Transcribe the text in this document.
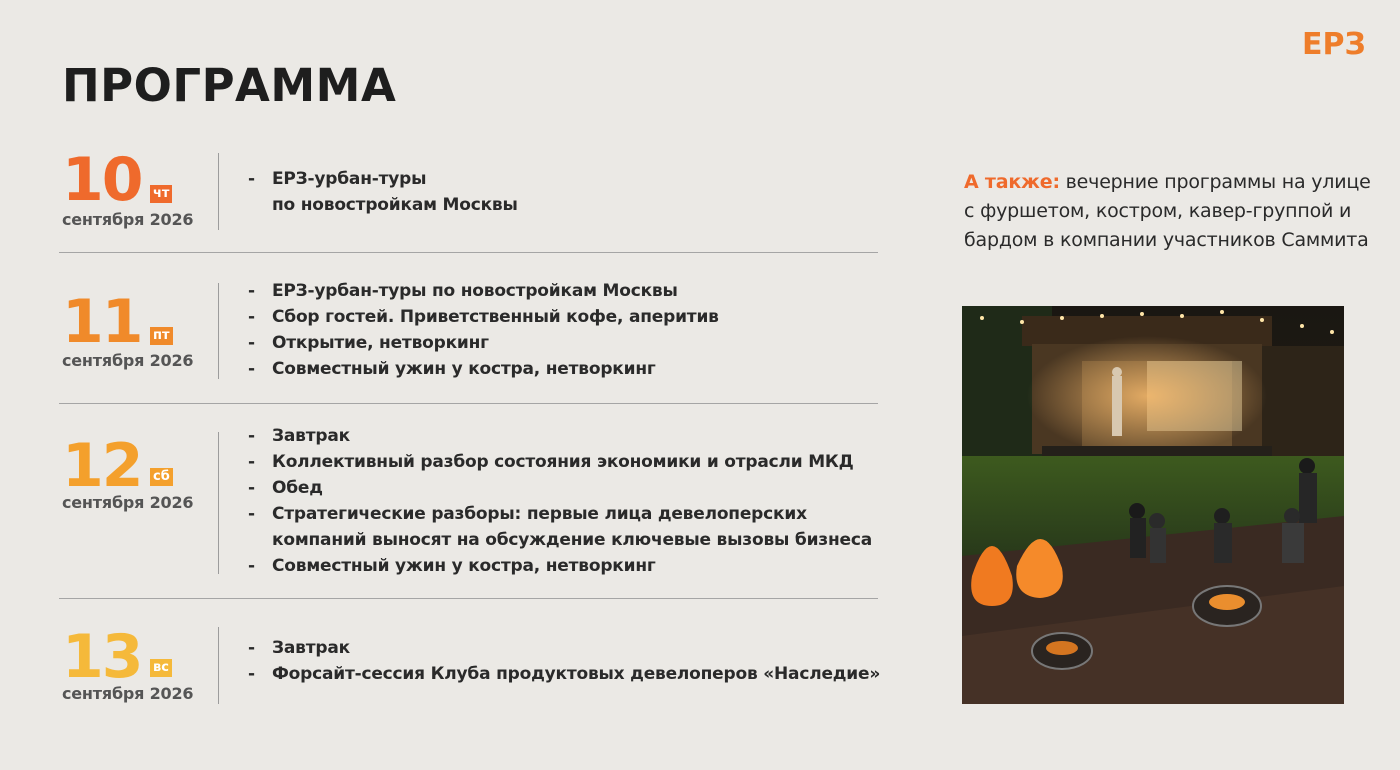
ЕРЗ
ПРОГРАММА
10 чт
сентября 2026
- ЕРЗ-урбан-туры
по новостройкам Москвы
11 пт
сентября 2026
- ЕРЗ-урбан-туры по новостройкам Москвы
- Сбор гостей. Приветственный кофе, аперитив
- Открытие, нетворкинг
- Совместный ужин у костра, нетворкинг
12 сб
сентября 2026
- Завтрак
- Коллективный разбор состояния экономики и отрасли МКД
- Обед
- Стратегические разборы: первые лица девелоперских
компаний выносят на обсуждение ключевые вызовы бизнеса
- Совместный ужин у костра, нетворкинг
13 вс
сентября 2026
- Завтрак
- Форсайт-сессия Клуба продуктовых девелоперов «Наследие»
А также: вечерние программы на улице с фуршетом, костром, кавер-группой и бардом в компании участников Саммита
